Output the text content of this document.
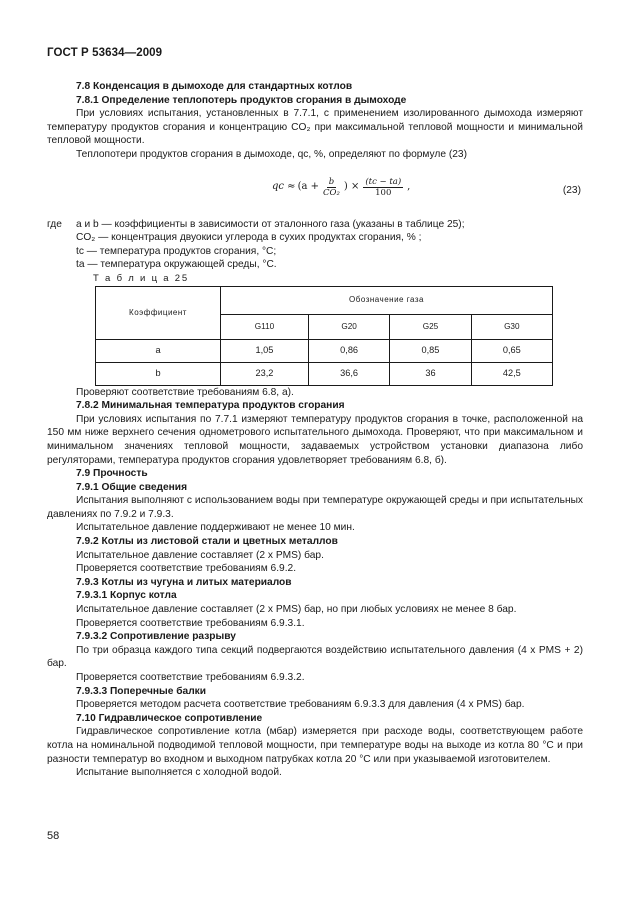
ГОСТ Р 53634—2009

7.8 Конденсация в дымоходе для стандартных котлов

7.8.1 Определение теплопотерь продуктов сгорания в дымоходе

При условиях испытания, установленных в 7.7.1, с применением изолированного дымохода измеряют температуру продуктов сгорания и концентрацию CO₂ при максимальной тепловой мощности и минимальной тепловой мощности.

Теплопотери продуктов сгорания в дымоходе, qc, %, определяют по формуле (23)

qc ≈ ($a + \frac{b}{\text{CO₂}}$ ) × $\frac{(tc - ta)}{100}$ ,	(23)
где	a и b — коэффициенты в зависимости от эталонного газа (указаны в таблице 25);

CO₂ — концентрация двуокиси углерода в сухих продуктах сгорания, % ;

tc — температура продуктов сгорания, °С;

ta — температура окружающей среды, °С.

Т а б л и ц а 25

Коэффициент	Обозначение газа			
	G110	G20	G25	G30
a	1,05	0,86	0,85	0,65
b	23,2	36,6	36	42,5

Проверяют соответствие требованиям 6.8, а).

7.8.2 Минимальная температура продуктов сгорания

При условиях испытания по 7.7.1 измеряют температуру продуктов сгорания в точке, расположенной на 150 мм ниже верхнего сечения однометрового испытательного дымохода. Проверяют, что при максимальном и минимальном значениях тепловой мощности, задаваемых устройством установки диапазона либо регуляторами, температура продуктов сгорания удовлетворяет требованиям 6.8, б).

7.9 Прочность

7.9.1 Общие сведения

Испытания выполняют с использованием воды при температуре окружающей среды и при испытательных давлениях по 7.9.2 и 7.9.3.

Испытательное давление поддерживают не менее 10 мин.

7.9.2 Котлы из листовой стали и цветных металлов

Испытательное давление составляет (2 x PMS) бар.

Проверяется соответствие требованиям 6.9.2.

7.9.3 Котлы из чугуна и литых материалов

7.9.3.1 Корпус котла

Испытательное давление составляет (2 x PMS) бар, но при любых условиях не менее 8 бар.

Проверяется соответствие требованиям 6.9.3.1.

7.9.3.2 Сопротивление разрыву

По три образца каждого типа секций подвергаются воздействию испытательного давления (4 x PMS + 2) бар.

Проверяется соответствие требованиям 6.9.3.2.

7.9.3.3 Поперечные балки

Проверяется методом расчета соответствие требованиям 6.9.3.3 для давления (4 x PMS) бар.

7.10 Гидравлическое сопротивление

Гидравлическое сопротивление котла (мбар) измеряется при расходе воды, соответствующем работе котла на номинальной подводимой тепловой мощности, при температуре воды на выходе из котла 80 °С и при разности температур во входном и выходном патрубках котла 20 °С или при указываемой изготовителем.

Испытание выполняется с холодной водой.

58
